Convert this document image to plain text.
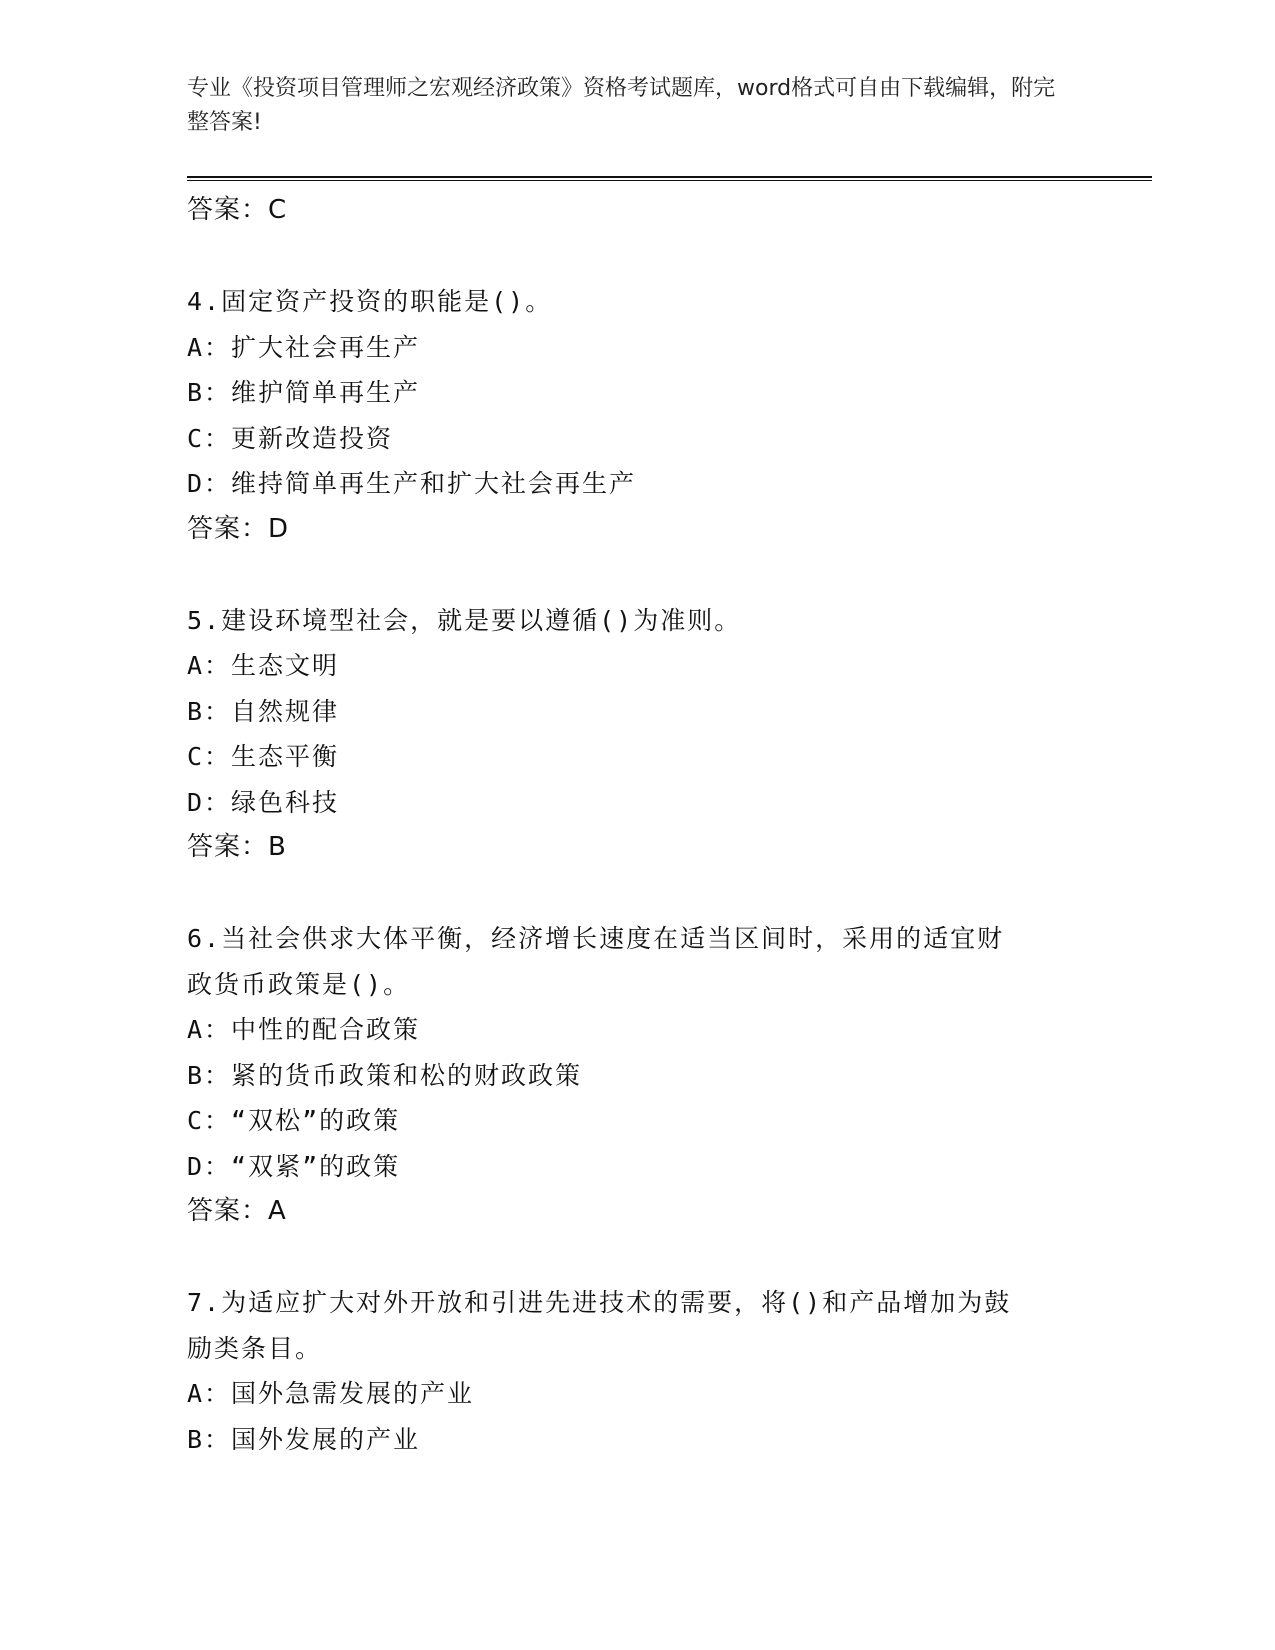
专业《投资项目管理师之宏观经济政策》资格考试题库，word格式可自由下载编辑，附完整答案!
答案：C
4.固定资产投资的职能是()。
A：扩大社会再生产
B：维护简单再生产
C：更新改造投资
D：维持简单再生产和扩大社会再生产
答案：D
5.建设环境型社会，就是要以遵循()为准则。
A：生态文明
B：自然规律
C：生态平衡
D：绿色科技
答案：B
6.当社会供求大体平衡，经济增长速度在适当区间时，采用的适宜财
政货币政策是()。
A：中性的配合政策
B：紧的货币政策和松的财政政策
C：“双松”的政策
D：“双紧”的政策
答案：A
7.为适应扩大对外开放和引进先进技术的需要，将()和产品增加为鼓
励类条目。
A：国外急需发展的产业
B：国外发展的产业
